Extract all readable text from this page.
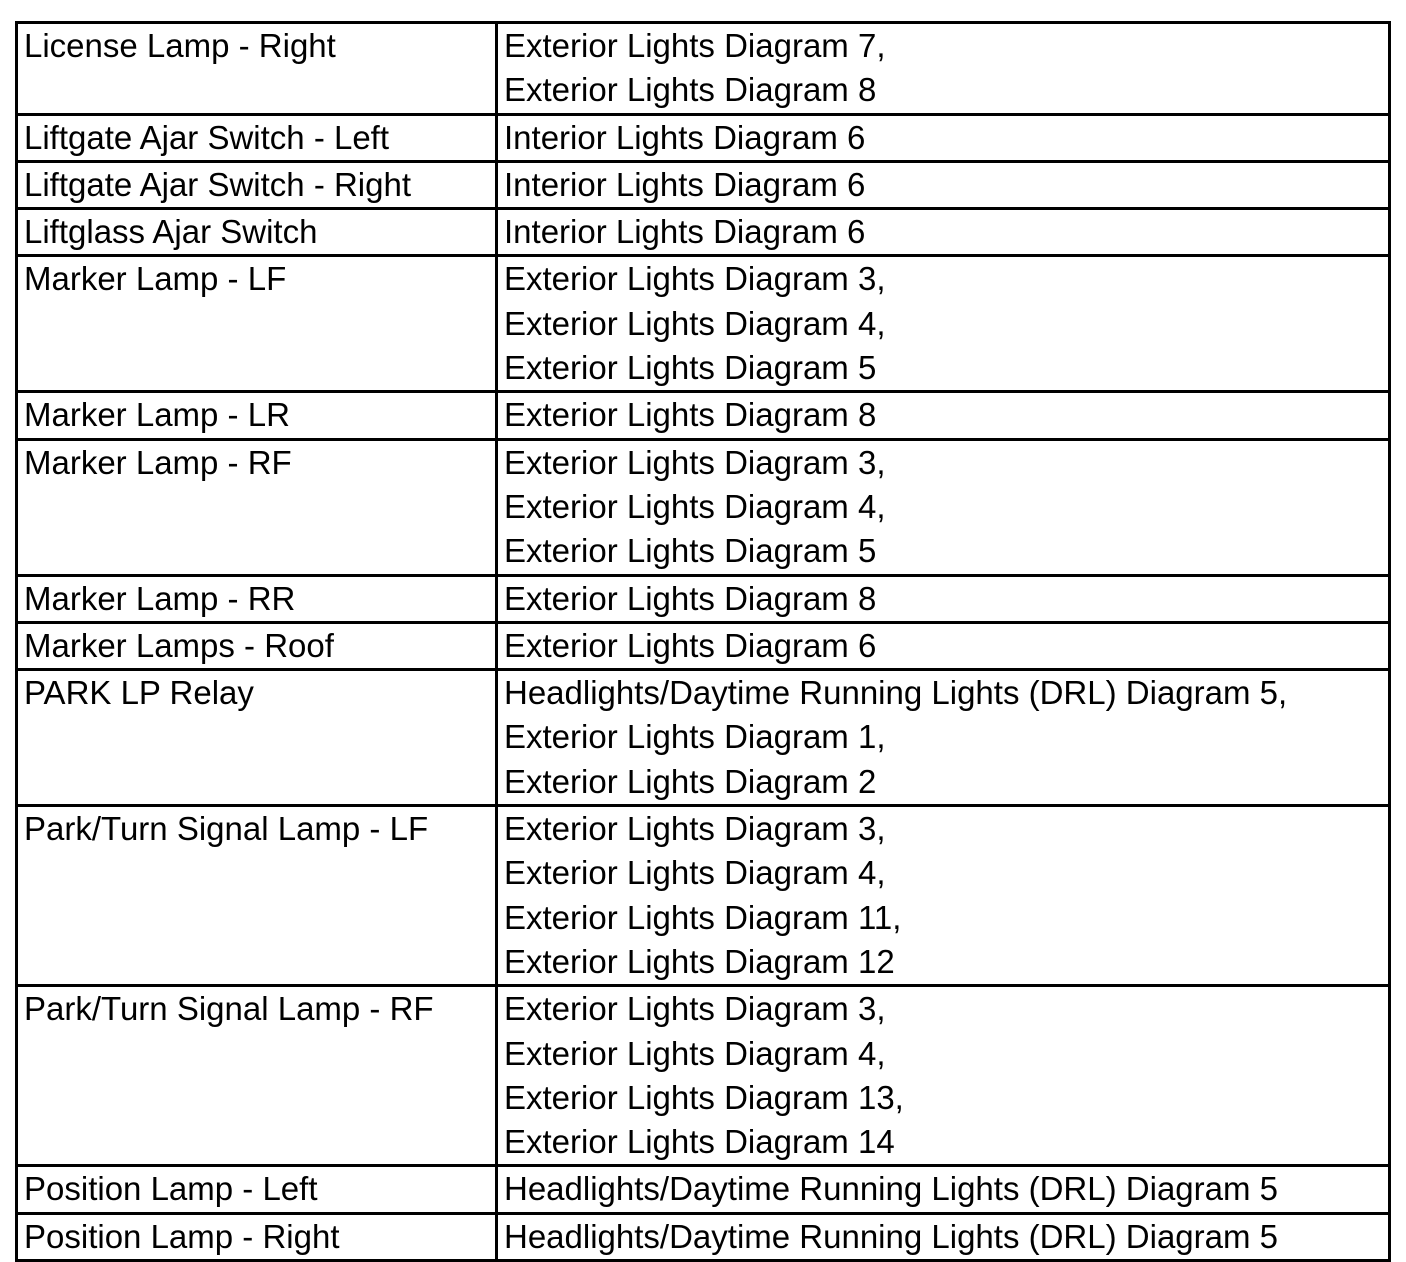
License Lamp - Right	Exterior Lights Diagram 7,
Exterior Lights Diagram 8

Liftgate Ajar Switch - Left	Interior Lights Diagram 6

Liftgate Ajar Switch - Right	Interior Lights Diagram 6

Liftglass Ajar Switch	Interior Lights Diagram 6

Marker Lamp - LF	Exterior Lights Diagram 3,
Exterior Lights Diagram 4,
Exterior Lights Diagram 5

Marker Lamp - LR	Exterior Lights Diagram 8

Marker Lamp - RF	Exterior Lights Diagram 3,
Exterior Lights Diagram 4,
Exterior Lights Diagram 5

Marker Lamp - RR	Exterior Lights Diagram 8

Marker Lamps - Roof	Exterior Lights Diagram 6

PARK LP Relay	Headlights/Daytime Running Lights (DRL) Diagram 5,
Exterior Lights Diagram 1,
Exterior Lights Diagram 2

Park/Turn Signal Lamp - LF	Exterior Lights Diagram 3,
Exterior Lights Diagram 4,
Exterior Lights Diagram 11,
Exterior Lights Diagram 12

Park/Turn Signal Lamp - RF	Exterior Lights Diagram 3,
Exterior Lights Diagram 4,
Exterior Lights Diagram 13,
Exterior Lights Diagram 14

Position Lamp - Left	Headlights/Daytime Running Lights (DRL) Diagram 5

Position Lamp - Right	Headlights/Daytime Running Lights (DRL) Diagram 5
